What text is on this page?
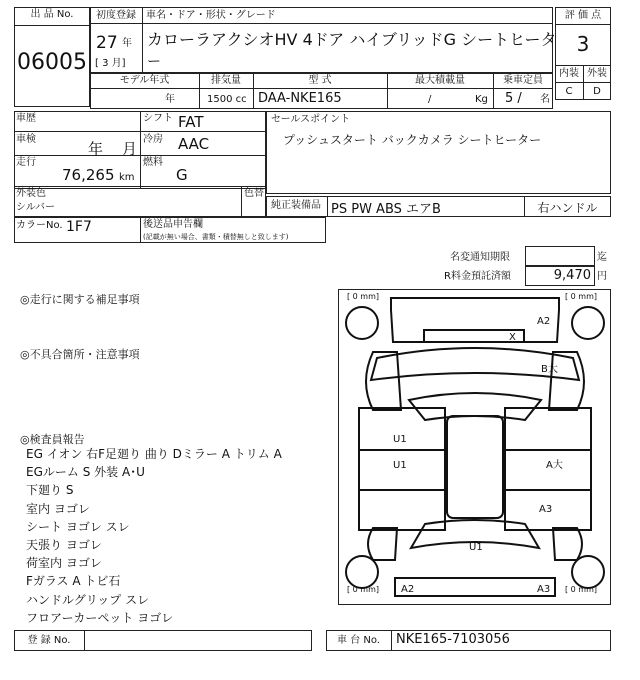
出 品 No.
06005
初度登録
27 年
[ 3 月]
車名・ドア・形状・グレード
カローラアクシオHV 4ドア ハイブリッドG シートヒータ
ー
評 価 点
3
内装 外装
C	D
モデル年式
年
排気量
1500 cc
型 式
DAA-NKE165
最大積載量
/	Kg
乗車定員
5 / 名
車歴	シフト FAT
車検
年 月
冷房 AAC
走行
76,265 km
燃料
G
外装色
シルバー
色替
カラーNo. 1F7	後送品申告欄
(記載が無い場合、書類・積替無しと致します)
セールスポイント
プッシュスタート バックカメラ シートヒーター
純正装備品 PS PW ABS エアB	右ハンドル
名変通知期限	迄
R料金預託済額	9,470 円
◎走行に関する補足事項
◎不具合箇所・注意事項
◎検査員報告
EG イオン 右F足廻り 曲り Dミラー A トリム A
EGルーム S 外装 A･U
下廻り S
室内 ヨゴレ
シート ヨゴレ スレ
天張り ヨゴレ
荷室内 ヨゴレ
Fガラス A トビ石
ハンドルグリップ スレ
フロアーカーペット ヨゴレ
[ 0 mm]	[ 0 mm]
[ 0 mm]	[ 0 mm]
A2
X
B大
U1
U1	A大
A3
U1
A2	A3
登 録 No.	車 台 No.	NKE165-7103056
